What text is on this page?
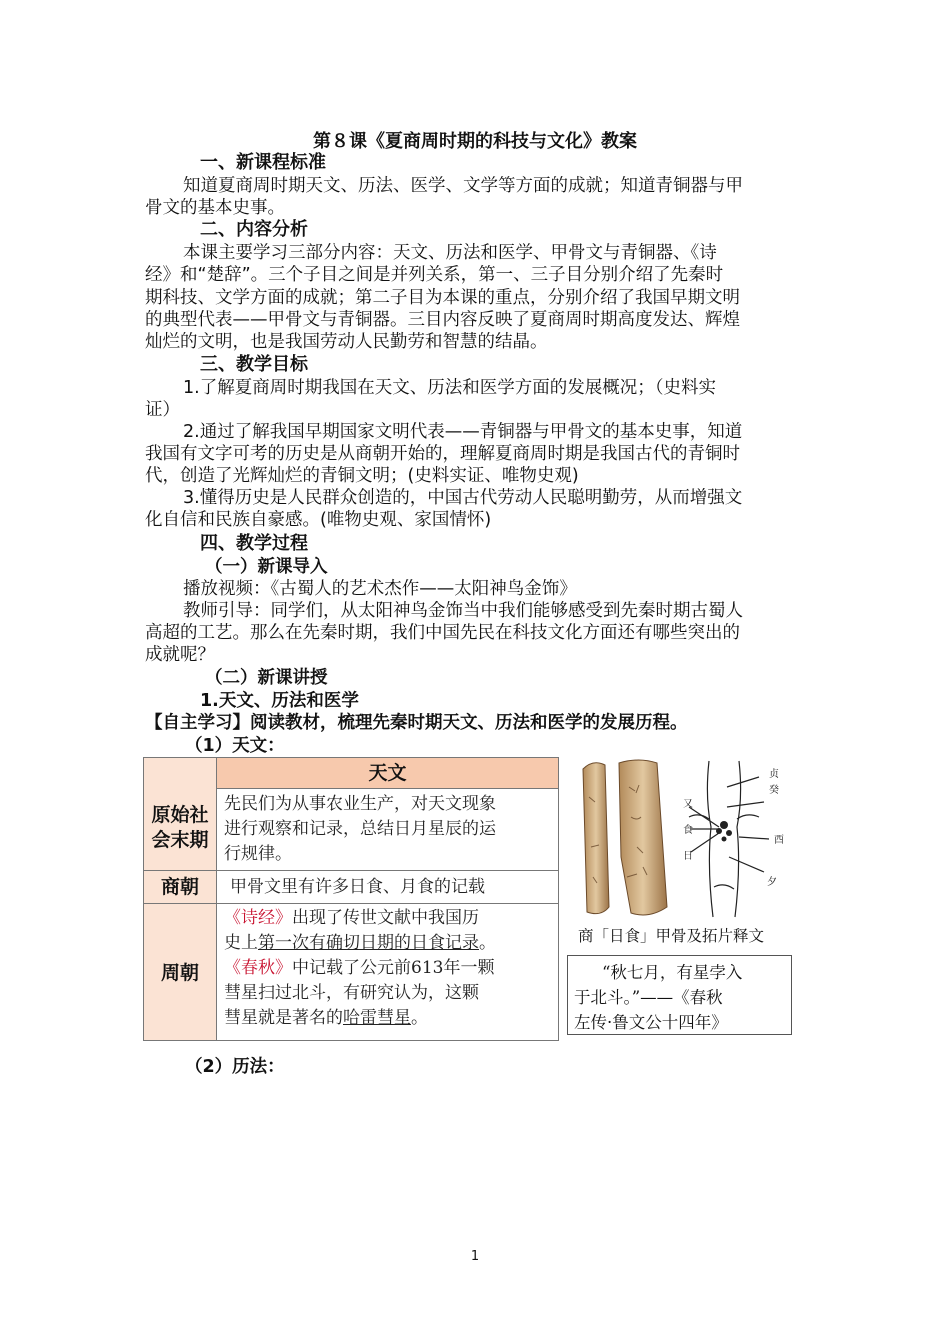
第８课《夏商周时期的科技与文化》教案
一、新课程标准
知道夏商周时期天文、历法、医学、文学等方面的成就；知道青铜器与甲
骨文的基本史事。
二、内容分析
本课主要学习三部分内容：天文、历法和医学、甲骨文与青铜器、《诗
经》和“楚辞”。三个子目之间是并列关系，第一、三子目分别介绍了先秦时
期科技、文学方面的成就；第二子目为本课的重点，分别介绍了我国早期文明
的典型代表——甲骨文与青铜器。三目内容反映了夏商周时期高度发达、辉煌
灿烂的文明，也是我国劳动人民勤劳和智慧的结晶。
三、教学目标
1.了解夏商周时期我国在天文、历法和医学方面的发展概况；（史料实
证）
2.通过了解我国早期国家文明代表——青铜器与甲骨文的基本史事，知道
我国有文字可考的历史是从商朝开始的，理解夏商周时期是我国古代的青铜时
代，创造了光辉灿烂的青铜文明；(史料实证、唯物史观)
3.懂得历史是人民群众创造的，中国古代劳动人民聪明勤劳，从而增强文
化自信和民族自豪感。(唯物史观、家国情怀)
四、教学过程
（一）新课导入
播放视频：《古蜀人的艺术杰作——太阳神鸟金饰》
教师引导：同学们，从太阳神鸟金饰当中我们能够感受到先秦时期古蜀人
高超的工艺。那么在先秦时期，我们中国先民在科技文化方面还有哪些突出的
成就呢？
（二）新课讲授
1.天文、历法和医学
【自主学习】阅读教材，梳理先秦时期天文、历法和医学的发展历程。
（1）天文：
天文
原始社会末期
先民们为从事农业生产，对天文现象
进行观察和记录，总结日月星辰的运
行规律。
商朝	甲骨文里有许多日食、月食的记载
周朝
《诗经》出现了传世文献中我国历
史上第一次有确切日期的日食记录。
《春秋》中记载了公元前613年一颗
彗星扫过北斗，有研究认为，这颗
彗星就是著名的哈雷彗星。
贞
癸
酉
夕
又
食
日
商「日食」甲骨及拓片释文
“秋七月，有星孛入
于北斗。”——《春秋
左传·鲁文公十四年》
（2）历法：
1
